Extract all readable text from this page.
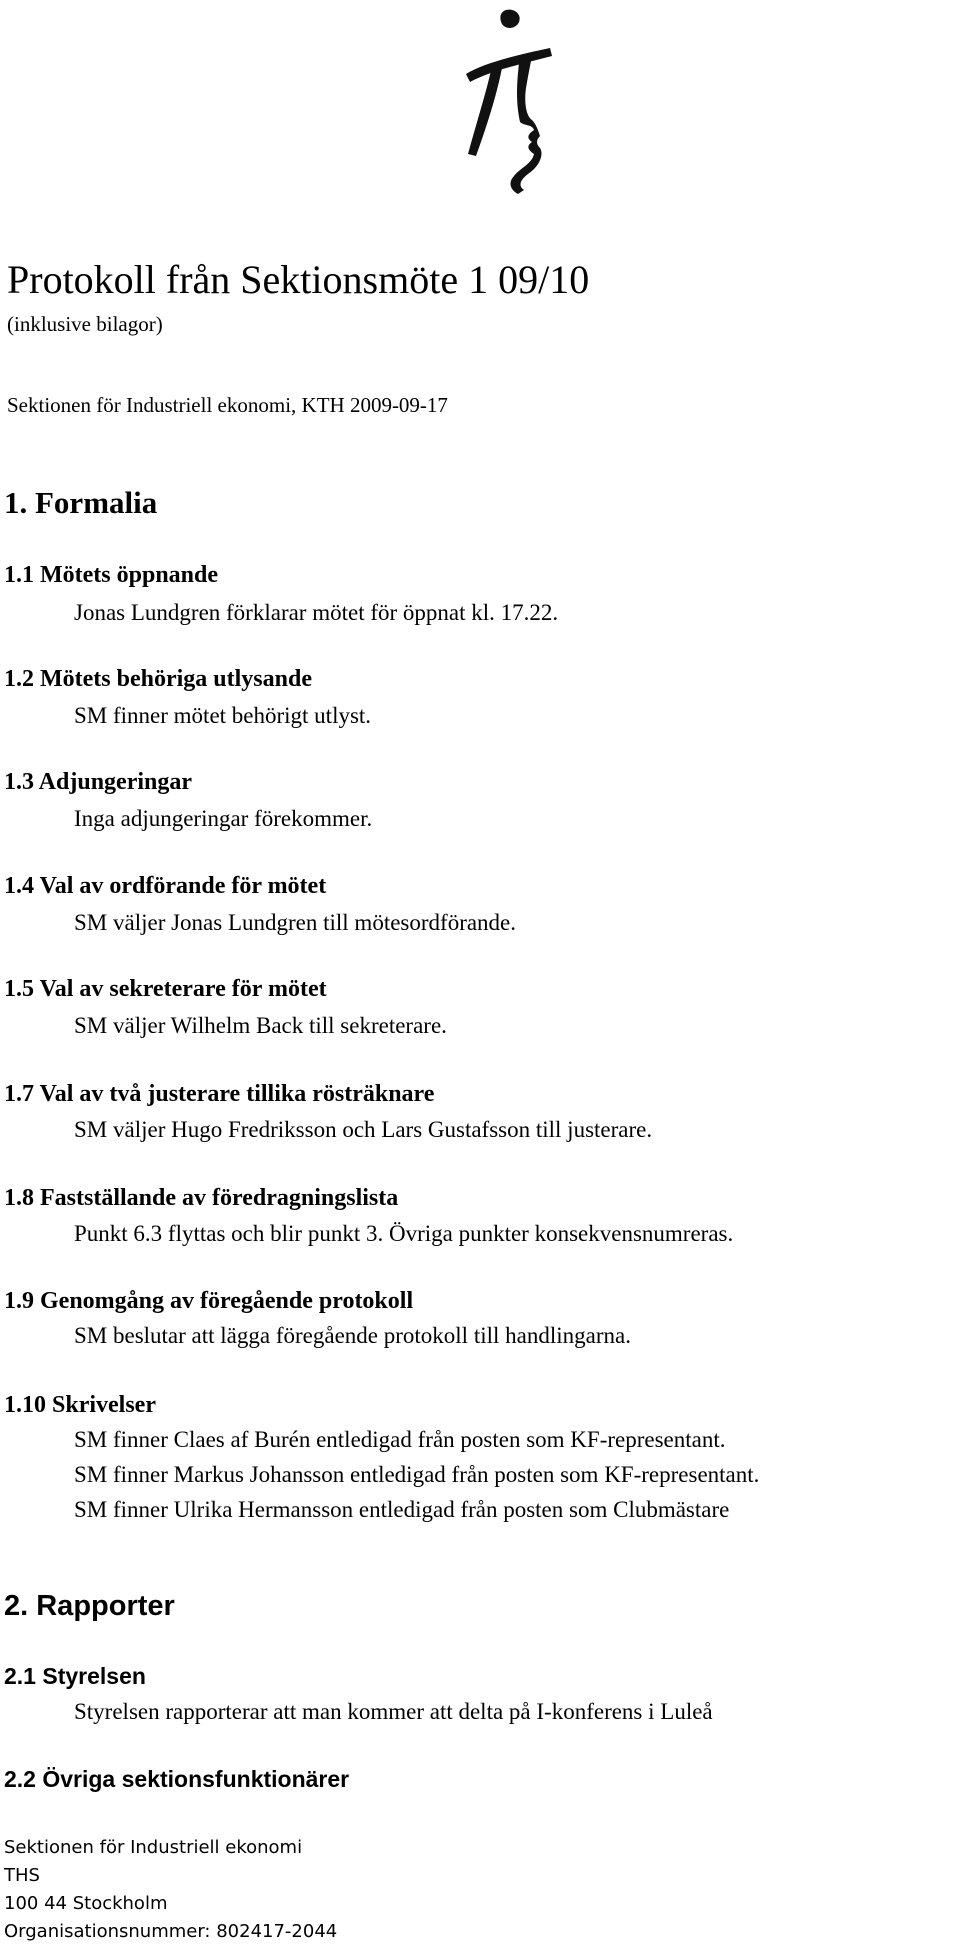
Protokoll från Sektionsmöte 1 09/10
(inklusive bilagor)
Sektionen för Industriell ekonomi, KTH 2009-09-17
1. Formalia
1.1 Mötets öppnande
Jonas Lundgren förklarar mötet för öppnat kl. 17.22.
1.2 Mötets behöriga utlysande
SM finner mötet behörigt utlyst.
1.3 Adjungeringar
Inga adjungeringar förekommer.
1.4 Val av ordförande för mötet
SM väljer Jonas Lundgren till mötesordförande.
1.5 Val av sekreterare för mötet
SM väljer Wilhelm Back till sekreterare.
1.7 Val av två justerare tillika rösträknare
SM väljer Hugo Fredriksson och Lars Gustafsson till justerare.
1.8 Fastställande av föredragningslista
Punkt 6.3 flyttas och blir punkt 3. Övriga punkter konsekvensnumreras.
1.9 Genomgång av föregående protokoll
SM beslutar att lägga föregående protokoll till handlingarna.
1.10 Skrivelser
SM finner Claes af Burén entledigad från posten som KF-representant.
SM finner Markus Johansson entledigad från posten som KF-representant.
SM finner Ulrika Hermansson entledigad från posten som Clubmästare
2. Rapporter
2.1 Styrelsen
Styrelsen rapporterar att man kommer att delta på I-konferens i Luleå
2.2 Övriga sektionsfunktionärer
Sektionen för Industriell ekonomi
THS
100 44 Stockholm
Organisationsnummer: 802417-2044
